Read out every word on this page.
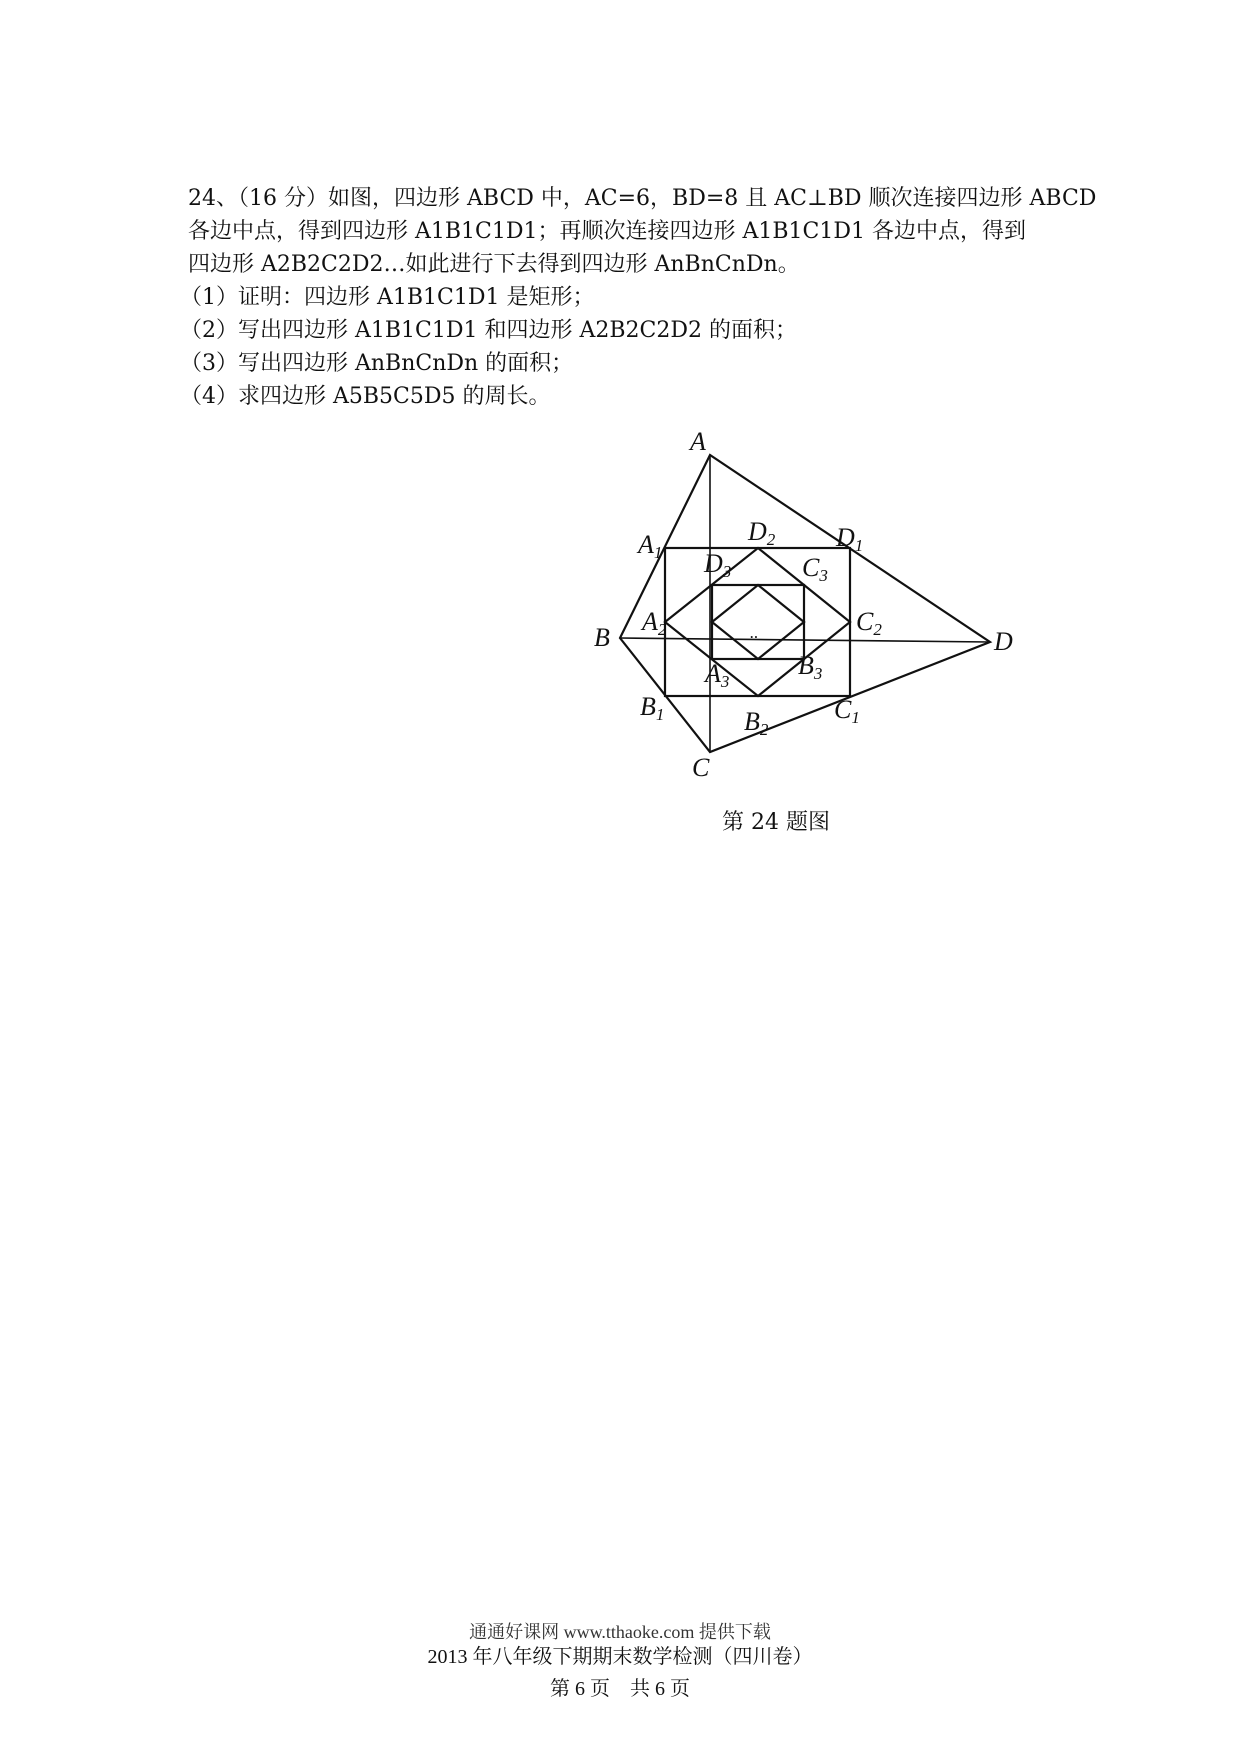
24、（16 分）如图，四边形 ABCD 中，AC=6，BD=8 且 AC⊥BD 顺次连接四边形 ABCD
各边中点，得到四边形 A1B1C1D1；再顺次连接四边形 A1B1C1D1 各边中点，得到
四边形 A2B2C2D2…如此进行下去得到四边形 AnBnCnDn。
（1）证明：四边形 A1B1C1D1 是矩形；
（2）写出四边形 A1B1C1D1 和四边形 A2B2C2D2 的面积；
（3）写出四边形 AnBnCnDn 的面积；
（4）求四边形 A5B5C5D5 的周长。
A
B
C
D
A1
B1	C1
D1
A2
B2
C2
D2
A3
B3
C3
D3
..
第 24 题图
通通好课网 www.tthaoke.com 提供下载
2013 年八年级下期期末数学检测（四川卷）
第 6 页　共 6 页
